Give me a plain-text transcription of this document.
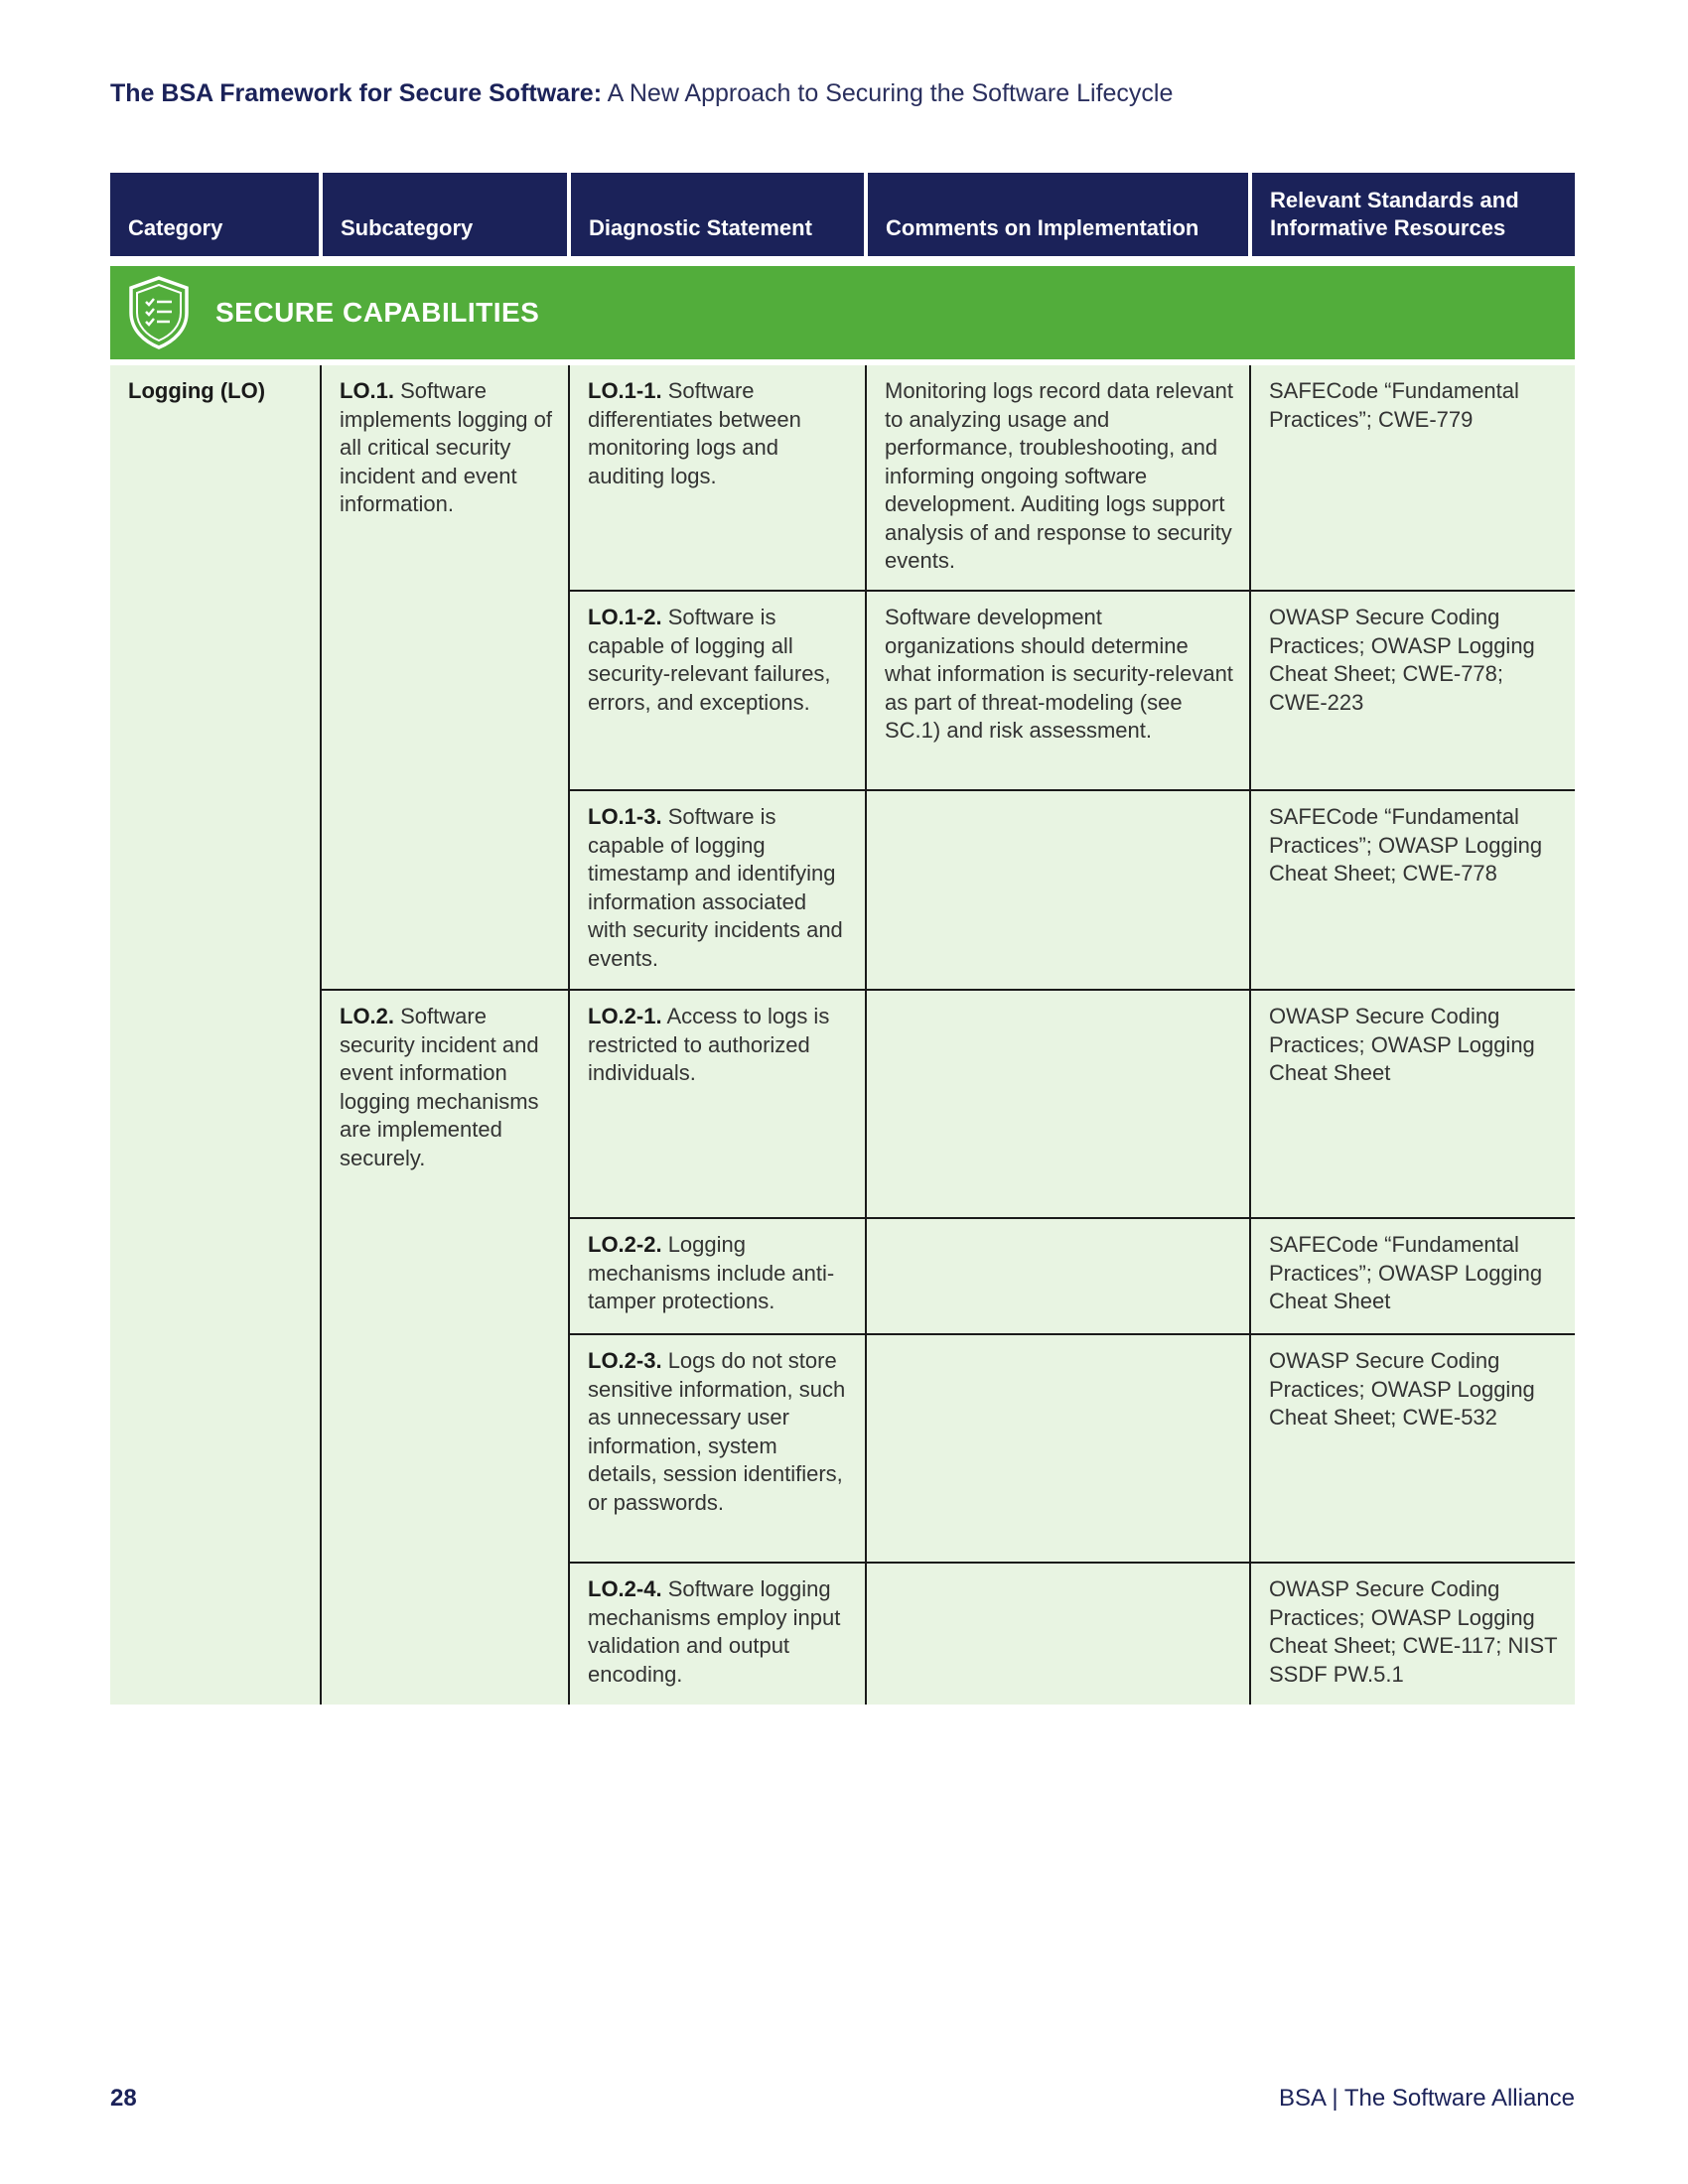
The BSA Framework for Secure Software: A New Approach to Securing the Software Lifecycle
Category	Subcategory	Diagnostic Statement	Comments on Implementation	Relevant Standards and Informative Resources

SECURE CAPABILITIES				

Logging (LO)	LO.1. Software implements logging of all critical security incident and event information.	LO.1-1. Software differentiates between monitoring logs and auditing logs.	Monitoring logs record data relevant to analyzing usage and performance, troubleshooting, and informing ongoing software development. Auditing logs support analysis of and response to security events.	SAFECode “Fundamental Practices”; CWE-779
		LO.1-2. Software is capable of logging all security-relevant failures, errors, and exceptions.	Software development organizations should determine what information is security-relevant as part of threat-modeling (see SC.1) and risk assessment.	OWASP Secure Coding Practices; OWASP Logging Cheat Sheet; CWE-778; CWE-223
		LO.1-3. Software is capable of logging timestamp and identifying information associated with security incidents and events.		SAFECode “Fundamental Practices”; OWASP Logging Cheat Sheet; CWE-778
	LO.2. Software security incident and event information logging mechanisms are implemented securely.	LO.2-1. Access to logs is restricted to authorized individuals.		OWASP Secure Coding Practices; OWASP Logging Cheat Sheet
		LO.2-2. Logging mechanisms include anti-tamper protections.		SAFECode “Fundamental Practices”; OWASP Logging Cheat Sheet
		LO.2-3. Logs do not store sensitive information, such as unnecessary user information, system details, session identifiers, or passwords.		OWASP Secure Coding Practices; OWASP Logging Cheat Sheet; CWE-532
		LO.2-4. Software logging mechanisms employ input validation and output encoding.		OWASP Secure Coding Practices; OWASP Logging Cheat Sheet; CWE-117; NIST SSDF PW.5.1
28	BSA | The Software Alliance
